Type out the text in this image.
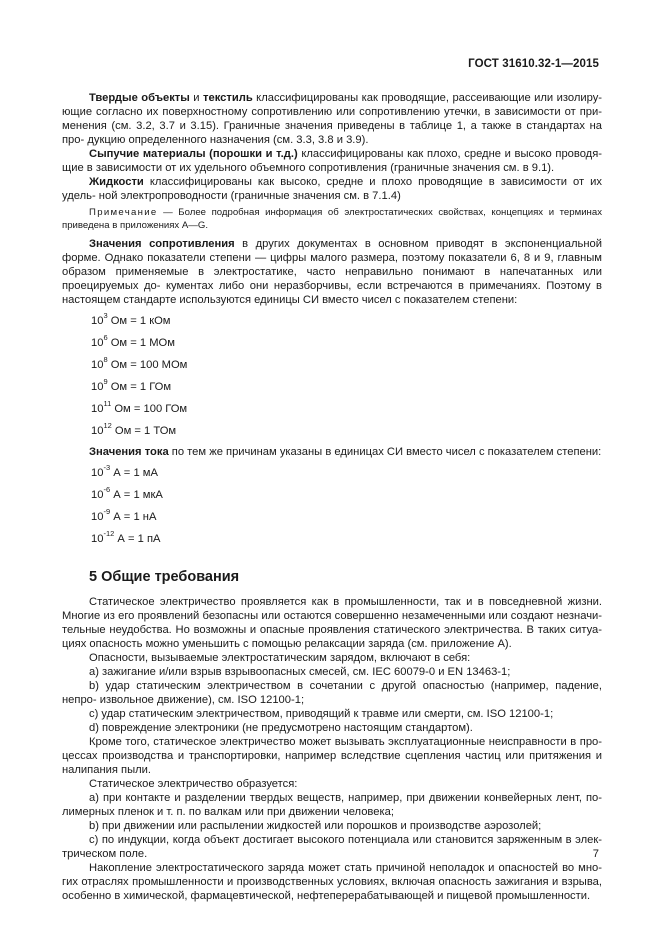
ГОСТ 31610.32-1—2015

Твердые объекты и текстиль классифицированы как проводящие, рассеивающие или изолиру- ющие согласно их поверхностному сопротивлению или сопротивлению утечки, в зависимости от при- менения (см. 3.2, 3.7 и 3.15). Граничные значения приведены в таблице 1, а также в стандартах на про- дукцию определенного назначения (см. 3.3, 3.8 и 3.9).

Сыпучие материалы (порошки и т.д.) классифицированы как плохо, средне и высоко проводя- щие в зависимости от их удельного объемного сопротивления (граничные значения см. в 9.1).

Жидкости классифицированы как высоко, средне и плохо проводящие в зависимости от их удель- ной электропроводности (граничные значения см. в 7.1.4)

Примечание — Более подробная информация об электростатических свойствах, концепциях и терминах приведена в приложениях А—G.

Значения сопротивления в других документах в основном приводят в экспоненциальной форме. Однако показатели степени — цифры малого размера, поэтому показатели 6, 8 и 9, главным образом применяемые в электростатике, часто неправильно понимают в напечатанных или проецируемых до- кументах либо они неразборчивы, если встречаются в примечаниях. Поэтому в настоящем стандарте используются единицы СИ вместо чисел с показателем степени:

$10^3$ Ом = 1 кОм
$10^6$ Ом = 1 МОм
$10^8$ Ом = 100 МОм
$10^9$ Ом = 1 ГОм
$10^{11}$ Ом = 100 ГОм
$10^{12}$ Ом = 1 ТОм

Значения тока по тем же причинам указаны в единицах СИ вместо чисел с показателем степени:

$10^{-3}$ А = 1 мА
$10^{-6}$ А = 1 мкА
$10^{-9}$ А = 1 нА
$10^{-12}$ А = 1 пА
5 Общие требования

Статическое электричество проявляется как в промышленности, так и в повседневной жизни. Многие из его проявлений безопасны или остаются совершенно незамеченными или создают незначи- тельные неудобства. Но возможны и опасные проявления статического электричества. В таких ситуа- циях опасность можно уменьшить с помощью релаксации заряда (см. приложение А).

Опасности, вызываемые электростатическим зарядом, включают в себя:

а) зажигание и/или взрыв взрывоопасных смесей, см. IEC 60079-0 и EN 13463-1;

b) удар статическим электричеством в сочетании с другой опасностью (например, падение, непро- извольное движение), см. ISO 12100-1;

с) удар статическим электричеством, приводящий к травме или смерти, см. ISO 12100-1;

d) повреждение электроники (не предусмотрено настоящим стандартом).

Кроме того, статическое электричество может вызывать эксплуатационные неисправности в про- цессах производства и транспортировки, например вследствие сцепления частиц или притяжения и налипания пыли.

Статическое электричество образуется:

а) при контакте и разделении твердых веществ, например, при движении конвейерных лент, по- лимерных пленок и т. п. по валкам или при движении человека;

b) при движении или распылении жидкостей или порошков и производстве аэрозолей;

с) по индукции, когда объект достигает высокого потенциала или становится заряженным в элек- трическом поле.

Накопление электростатического заряда может стать причиной неполадок и опасностей во мно- гих отраслях промышленности и производственных условиях, включая опасность зажигания и взрыва, особенно в химической, фармацевтической, нефтеперерабатывающей и пищевой промышленности.

7
